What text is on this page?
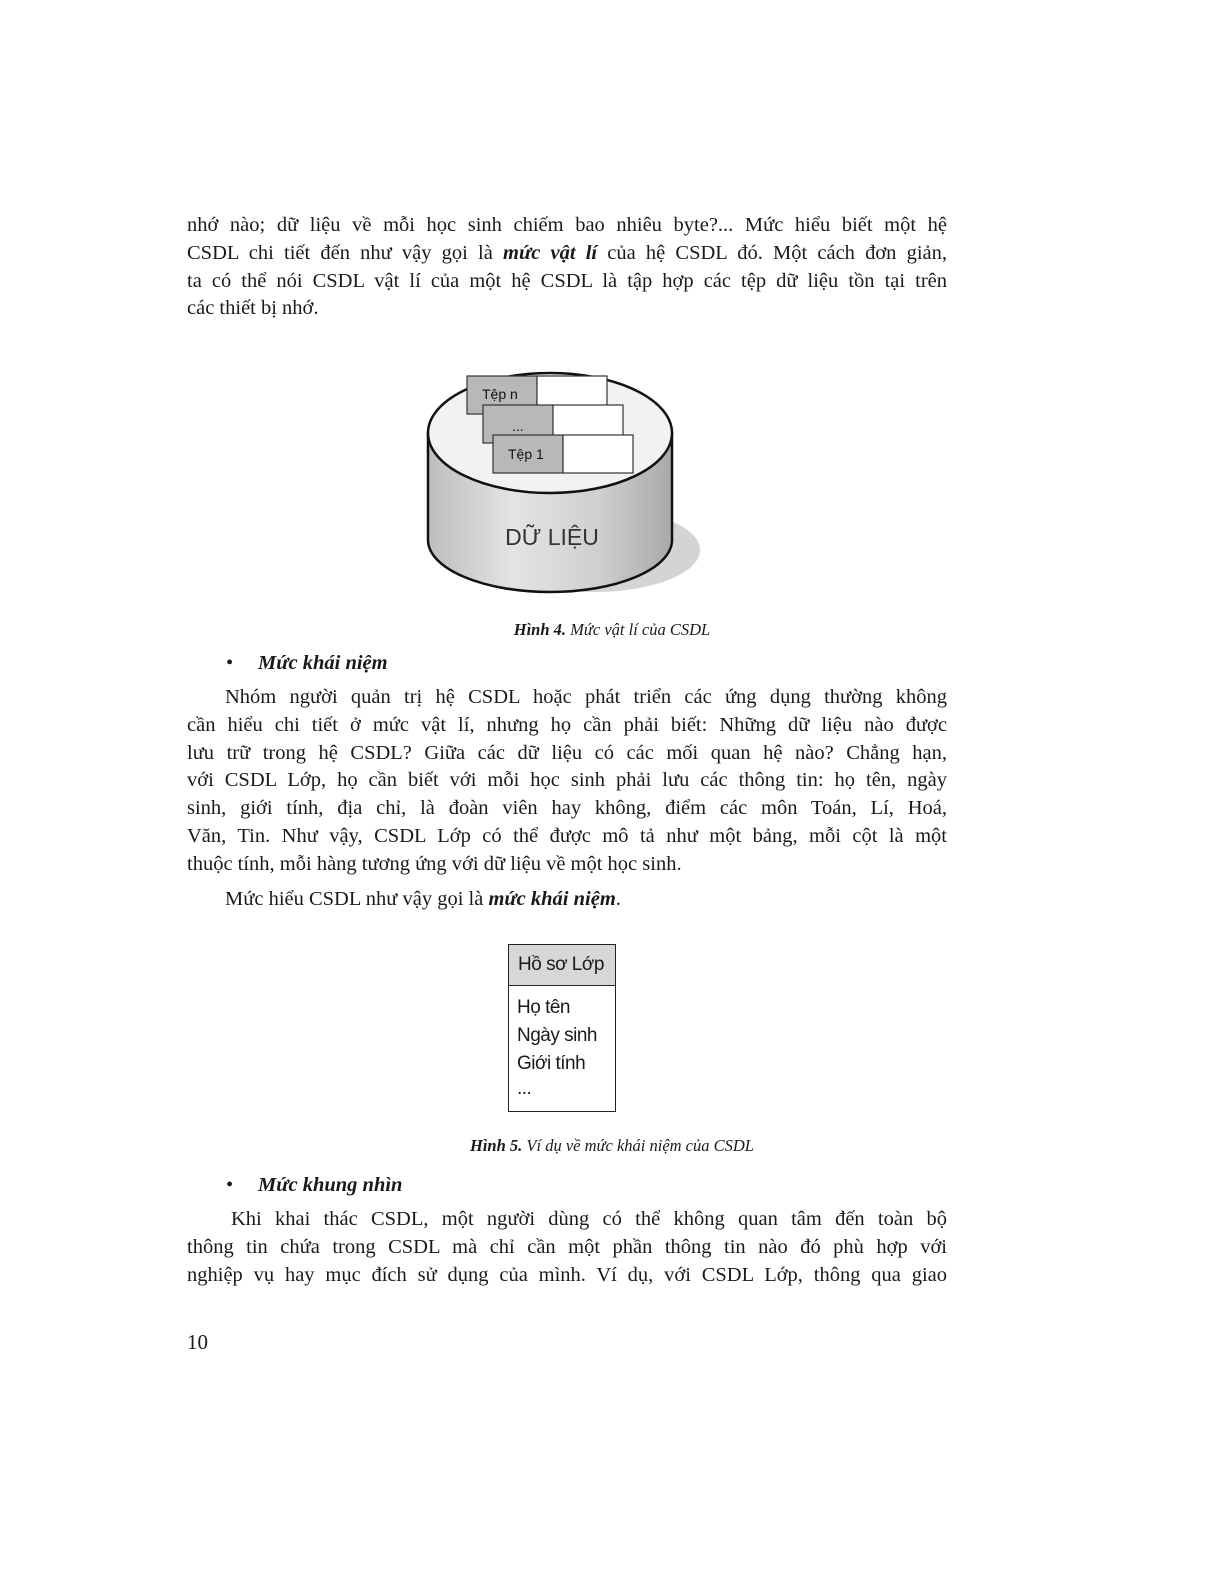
nhớ nào; dữ liệu về mỗi học sinh chiếm bao nhiêu byte?... Mức hiểu biết một hệ
CSDL chi tiết đến như vậy gọi là mức vật lí của hệ CSDL đó. Một cách đơn giản,
ta có thể nói CSDL vật lí của một hệ CSDL là tập hợp các tệp dữ liệu tồn tại trên
các thiết bị nhớ.
Tệp n
...
Tệp 1
DỮ LIỆU

Hình 4. Mức vật lí của CSDL

• Mức khái niệm

Nhóm người quản trị hệ CSDL hoặc phát triển các ứng dụng thường không
cần hiểu chi tiết ở mức vật lí, nhưng họ cần phải biết: Những dữ liệu nào được
lưu trữ trong hệ CSDL? Giữa các dữ liệu có các mối quan hệ nào? Chẳng hạn,
với CSDL Lớp, họ cần biết với mỗi học sinh phải lưu các thông tin: họ tên, ngày
sinh, giới tính, địa chỉ, là đoàn viên hay không, điểm các môn Toán, Lí, Hoá,
Văn, Tin. Như vậy, CSDL Lớp có thể được mô tả như một bảng, mỗi cột là một
thuộc tính, mỗi hàng tương ứng với dữ liệu về một học sinh.

Mức hiểu CSDL như vậy gọi là mức khái niệm.

Hồ sơ Lớp
Họ tên
Ngày sinh
Giới tính
...

Hình 5. Ví dụ về mức khái niệm của CSDL

• Mức khung nhìn

Khi khai thác CSDL, một người dùng có thể không quan tâm đến toàn bộ
thông tin chứa trong CSDL mà chỉ cần một phần thông tin nào đó phù hợp với
nghiệp vụ hay mục đích sử dụng của mình. Ví dụ, với CSDL Lớp, thông qua giao

10
